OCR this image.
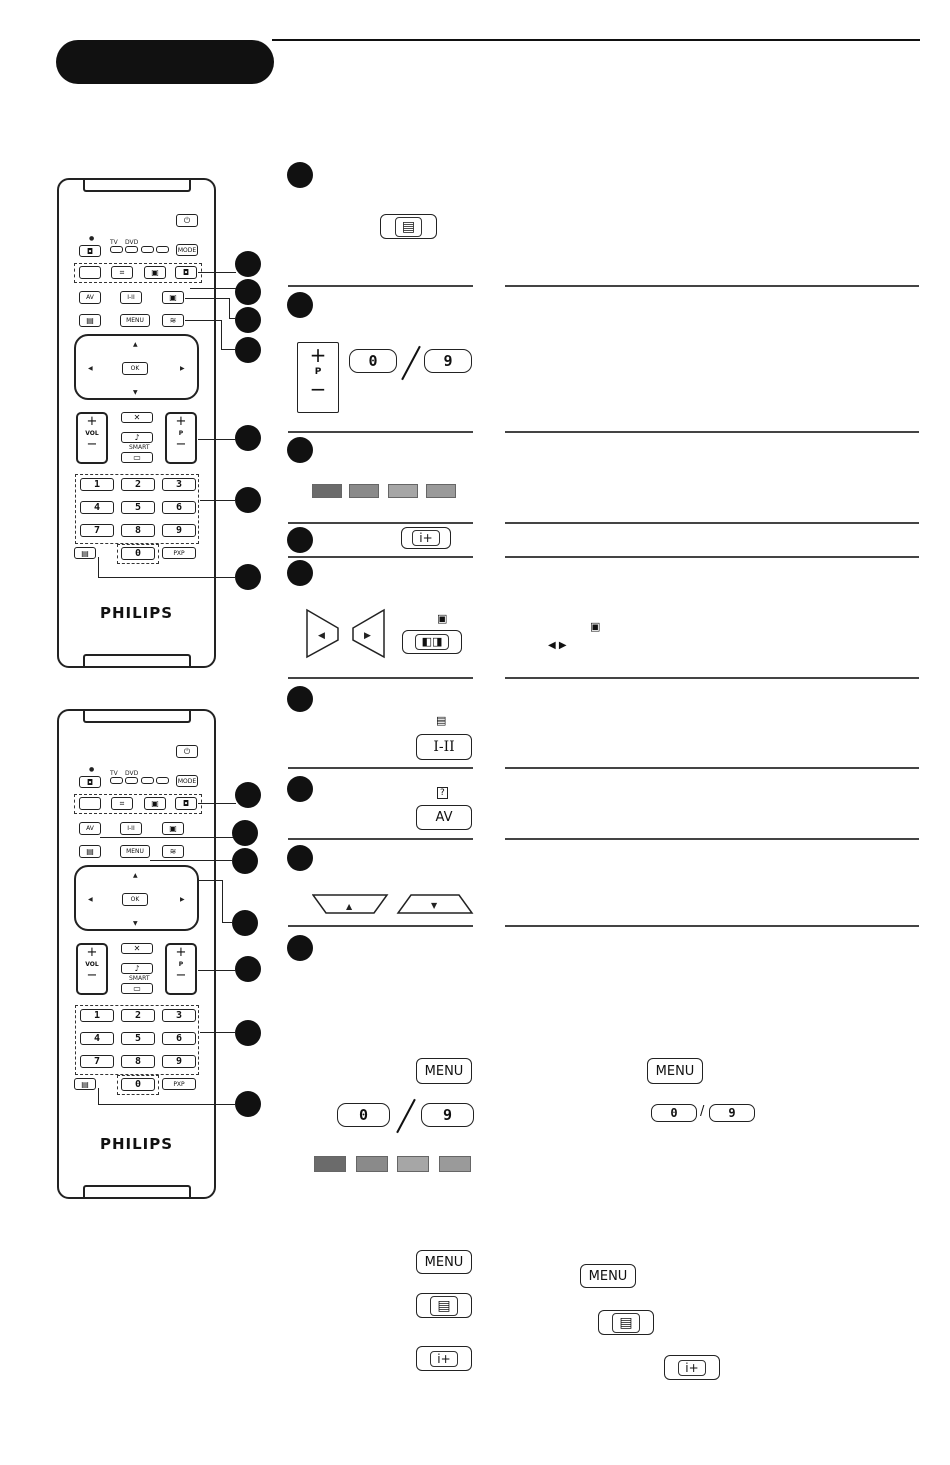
⏻
●
TV DVD
◘	MODE
⌗	▣	◘
AV	I-II	▣
▤	MENU	≋
▲
▼
◀	▶
OK
+
VOL
−
✕
♪
SMART
▭
+
P
−
1	2	3
4	5	6
7	8	9
▤	0	PXP
PHILIPS
⏻
●
TV DVD
◘	MODE
⌗	▣	◘
AV	I-II	▣
▤	MENU	≋
▲
▼
◀	▶
OK
+
VOL
−
✕
♪
SMART
▭
+
P
−
1	2	3
4	5	6
7	8	9
▤	0	PXP
PHILIPS
▤
+
P
−
0	9
i+
◀	▶
▣
◧◨
▣
◀ ▶
▤
I-II
?
AV
▲	▼
MENU	MENU
0	9	0	/	9
MENU
MENU
▤
▤
i+
i+
